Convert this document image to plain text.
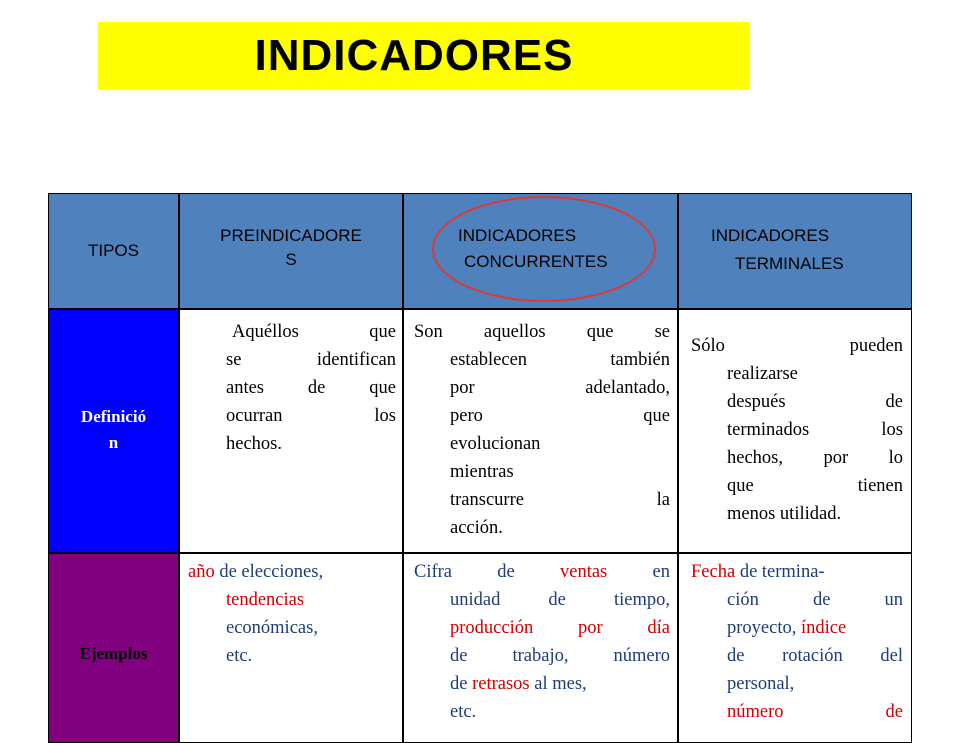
INDICADORES
TIPOS
PREINDICADORE
S
INDICADORES
CONCURRENTES
INDICADORES
TERMINALES
Definició
n
Aquéllos que
se identifican
antes de que
ocurran los
hechos.
Son aquellos que se
establecen también
por adelantado,
pero que
evolucionan
mientras
transcurre la
acción.
Sólo pueden
realizarse
después de
terminados los
hechos, por lo
que tienen
menos utilidad.
Ejemplos
año de elecciones,
tendencias
económicas,
etc.
Cifra de ventas en
unidad de tiempo,
producción por día
de trabajo, número
de retrasos al mes,
etc.
Fecha de termina-
ción de un
proyecto, índice
de rotación del
personal,
número de
